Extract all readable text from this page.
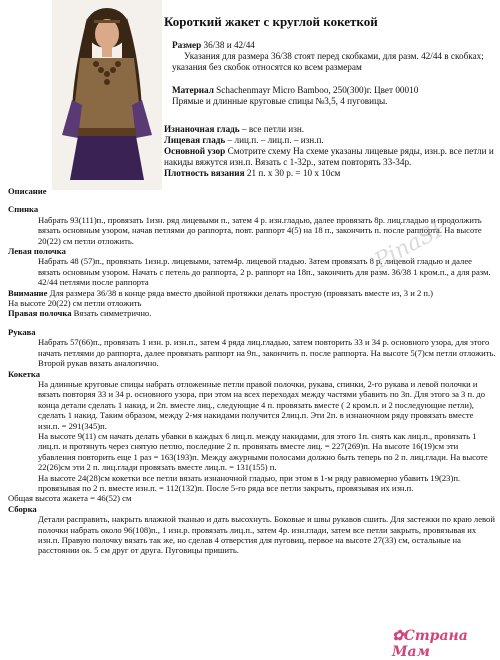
Короткий жакет с круглой кокеткой
Размер 36/38 и 42/44
Указания для размера 36/38 стоят перед скобками, для разм. 42/44 в скобках; указания без скобок относятся ко всем размерам
Материал Schachenmayr Micro Bamboo, 250(300)г. Цвет 00010
Прямые и длинные круговые спицы №3,5, 4 пуговицы.
Изнаночная гладь – все петли изн.
Лицевая гладь – лиц.п. – лиц.п. – изн.п.
Основной узор Смотрите схему На схеме указаны лицевые ряды, изн.р. все петли и накиды вяжутся изн.п. Вязать с 1-32р., затем повторять 33-34р.
Плотность вязания 21 п. x 30 р. = 10 x 10см

Описание

Спинка

Набрать 93(111)п., провязать 1изн. ряд лицевыми п., затем 4 р. изн.гладью, далее провязать 8р. лиц.гладью и продолжить вязать основным узором, начав петлями до раппорта, повт. раппорт 4(5) на 18 п., закончить п. после раппорта. На высоте 20(22) см петли отложить.

Левая полочка

Набрать 48 (57)п., провязать 1изн.р. лицевыми, затем4р. лицевой гладью. Затем провязать 8 р. лицевой гладью и далее вязать основным узором. Начать с петель до раппорта, 2 р. раппорт на 18п., закончить для разм. 36/38 1 кром.п., а для разм. 42/44 петлями после раппорта

Внимание Для размера 36/38 в конце ряда вместо двойной протяжки делать простую (провязать вместе из, 3 и 2 п.)

На высоте 20(22) см петли отложить

Правая полочка Вязать симметрично.

Рукава

Набрать 57(66)п., провязать 1 изн. р. изн.п., затем 4 ряда лиц.гладью, затем повторить 33 и 34 р. основного узора, для этого начать петлями до раппорта, далее провязать раппорт на 9п., закончить п. после раппорта. На высоте 5(7)см петли отложить. Второй рукав вязать аналогично.

Кокетка

На длинные круговые спицы набрать отложенные петли правой полочки, рукава, спинки, 2-го рукава и левой полочки и вязать повторяя 33 и 34 р. основного узора, при этом на всех переходах между частями убавить по 3п. Для этого за 3 п. до конца детали сделать 1 накид, и 2п. вместе лиц., следующие 4 п. провязать вместе ( 2 кром.п. и 2 последующие петли), сделать 1 накид. Таким образом, между 2-мя накидами получится 2лиц.п. Эти 2п. в изнаночном ряду провязать вместе изн.п. = 291(345)п.

На высоте 9(11) см начать делать убавки в каждых 6 лиц.п. между накидами, для этого 1п. снять как лиц.п., провязать 1 лиц.п. и протянуть через снятую петлю, последние 2 п. провязать вместе лиц. = 227(269)п. На высоте 16(19)см эти убавления повторить еще 1 раз = 163(193)п. Между ажурными полосами должно быть теперь по 2 п. лиц.глади. На высоте 22(26)см эти 2 п. лиц.глади провязать вместе лиц.п. = 131(155) п.

На высоте 24(28)см кокетки все петли вязать изнаночной гладью, при этом в 1-м ряду равномерно убавить 19(23)п. провязывая по 2 п. вместе изн.п. = 112(132)п. После 5-го ряда все петли закрыть, провязывая их изн.п.

Общая высота жакета = 46(52) см

Сборка

Детали расправить, накрыть влажной тканью и дать высохнуть. Боковые и швы рукавов сшить. Для застежки по краю левой полочки набрать около 96(108)п., 1 изн.р. провязать лиц.п., затем 4р. изн.глади, затем все петли закрыть, провязывая их изн.п. Правую полочку вязать так же, но сделав 4 отверстия для пуговиц, первое на высоте 27(33) см, остальные на расстоянии ок. 5 см друг от друга. Пуговицы пришить.

PinaSP
✿Страна Мам
